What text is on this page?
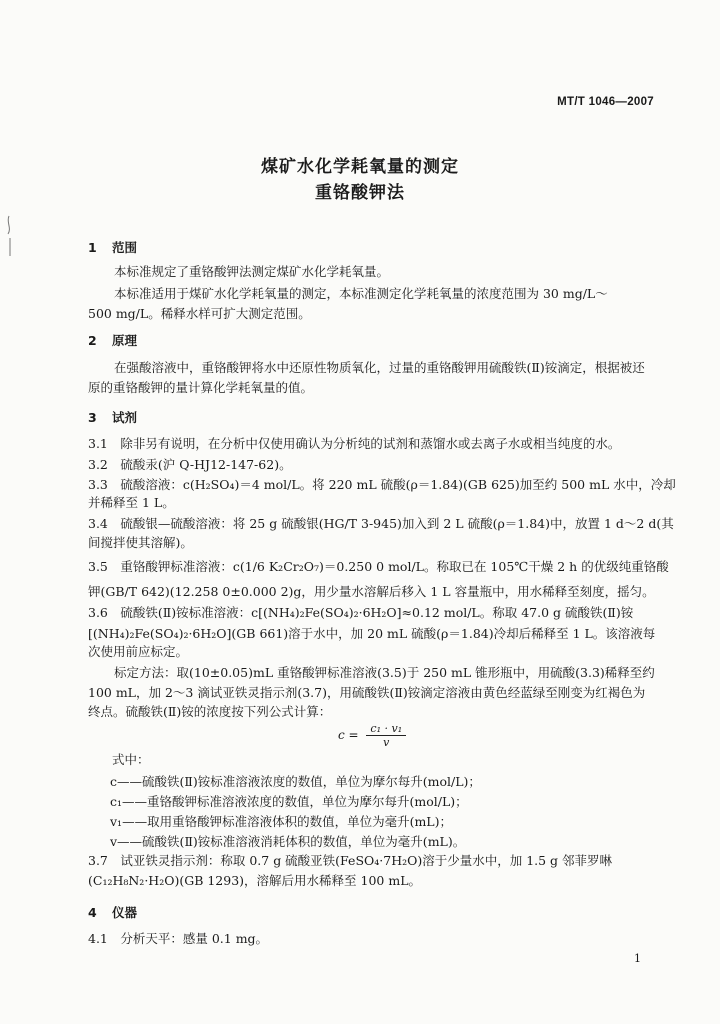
MT/T 1046—2007
煤矿水化学耗氧量的测定
重铬酸钾法
1 范围
本标准规定了重铬酸钾法测定煤矿水化学耗氧量。
本标准适用于煤矿水化学耗氧量的测定，本标准测定化学耗氧量的浓度范围为 30 mg/L～
500 mg/L。稀释水样可扩大测定范围。
2 原理
在强酸溶液中，重铬酸钾将水中还原性物质氧化，过量的重铬酸钾用硫酸铁(Ⅱ)铵滴定，根据被还
原的重铬酸钾的量计算化学耗氧量的值。
3 试剂
3.1　除非另有说明，在分析中仅使用确认为分析纯的试剂和蒸馏水或去离子水或相当纯度的水。
3.2　硫酸汞(沪 Q-HJ12-147-62)。
3.3　硫酸溶液：c(H₂SO₄)＝4 mol/L。将 220 mL 硫酸(ρ＝1.84)(GB 625)加至约 500 mL 水中，冷却
并稀释至 1 L。
3.4　硫酸银—硫酸溶液：将 25 g 硫酸银(HG/T 3-945)加入到 2 L 硫酸(ρ＝1.84)中，放置 1 d～2 d(其
间搅拌使其溶解)。
3.5　重铬酸钾标准溶液：c(1/6 K₂Cr₂O₇)＝0.250 0 mol/L。称取已在 105℃干燥 2 h 的优级纯重铬酸
钾(GB/T 642)(12.258 0±0.000 2)g，用少量水溶解后移入 1 L 容量瓶中，用水稀释至刻度，摇匀。
3.6　硫酸铁(Ⅱ)铵标准溶液：c[(NH₄)₂Fe(SO₄)₂·6H₂O]≈0.12 mol/L。称取 47.0 g 硫酸铁(Ⅱ)铵
[(NH₄)₂Fe(SO₄)₂·6H₂O](GB 661)溶于水中，加 20 mL 硫酸(ρ＝1.84)冷却后稀释至 1 L。该溶液每
次使用前应标定。
标定方法：取(10±0.05)mL 重铬酸钾标准溶液(3.5)于 250 mL 锥形瓶中，用硫酸(3.3)稀释至约
100 mL，加 2～3 滴试亚铁灵指示剂(3.7)，用硫酸铁(Ⅱ)铵滴定溶液由黄色经蓝绿至刚变为红褐色为
终点。硫酸铁(Ⅱ)铵的浓度按下列公式计算：
$c = \frac{\text{c₁ · v₁}}{v}$
式中：
c——硫酸铁(Ⅱ)铵标准溶液浓度的数值，单位为摩尔每升(mol/L)；
c₁——重铬酸钾标准溶液浓度的数值，单位为摩尔每升(mol/L)；
v₁——取用重铬酸钾标准溶液体积的数值，单位为毫升(mL)；
v——硫酸铁(Ⅱ)铵标准溶液消耗体积的数值，单位为毫升(mL)。
3.7　试亚铁灵指示剂：称取 0.7 g 硫酸亚铁(FeSO₄·7H₂O)溶于少量水中，加 1.5 g 邻菲罗啉
(C₁₂H₈N₂·H₂O)(GB 1293)，溶解后用水稀释至 100 mL。
4 仪器
4.1　分析天平：感量 0.1 mg。
1
